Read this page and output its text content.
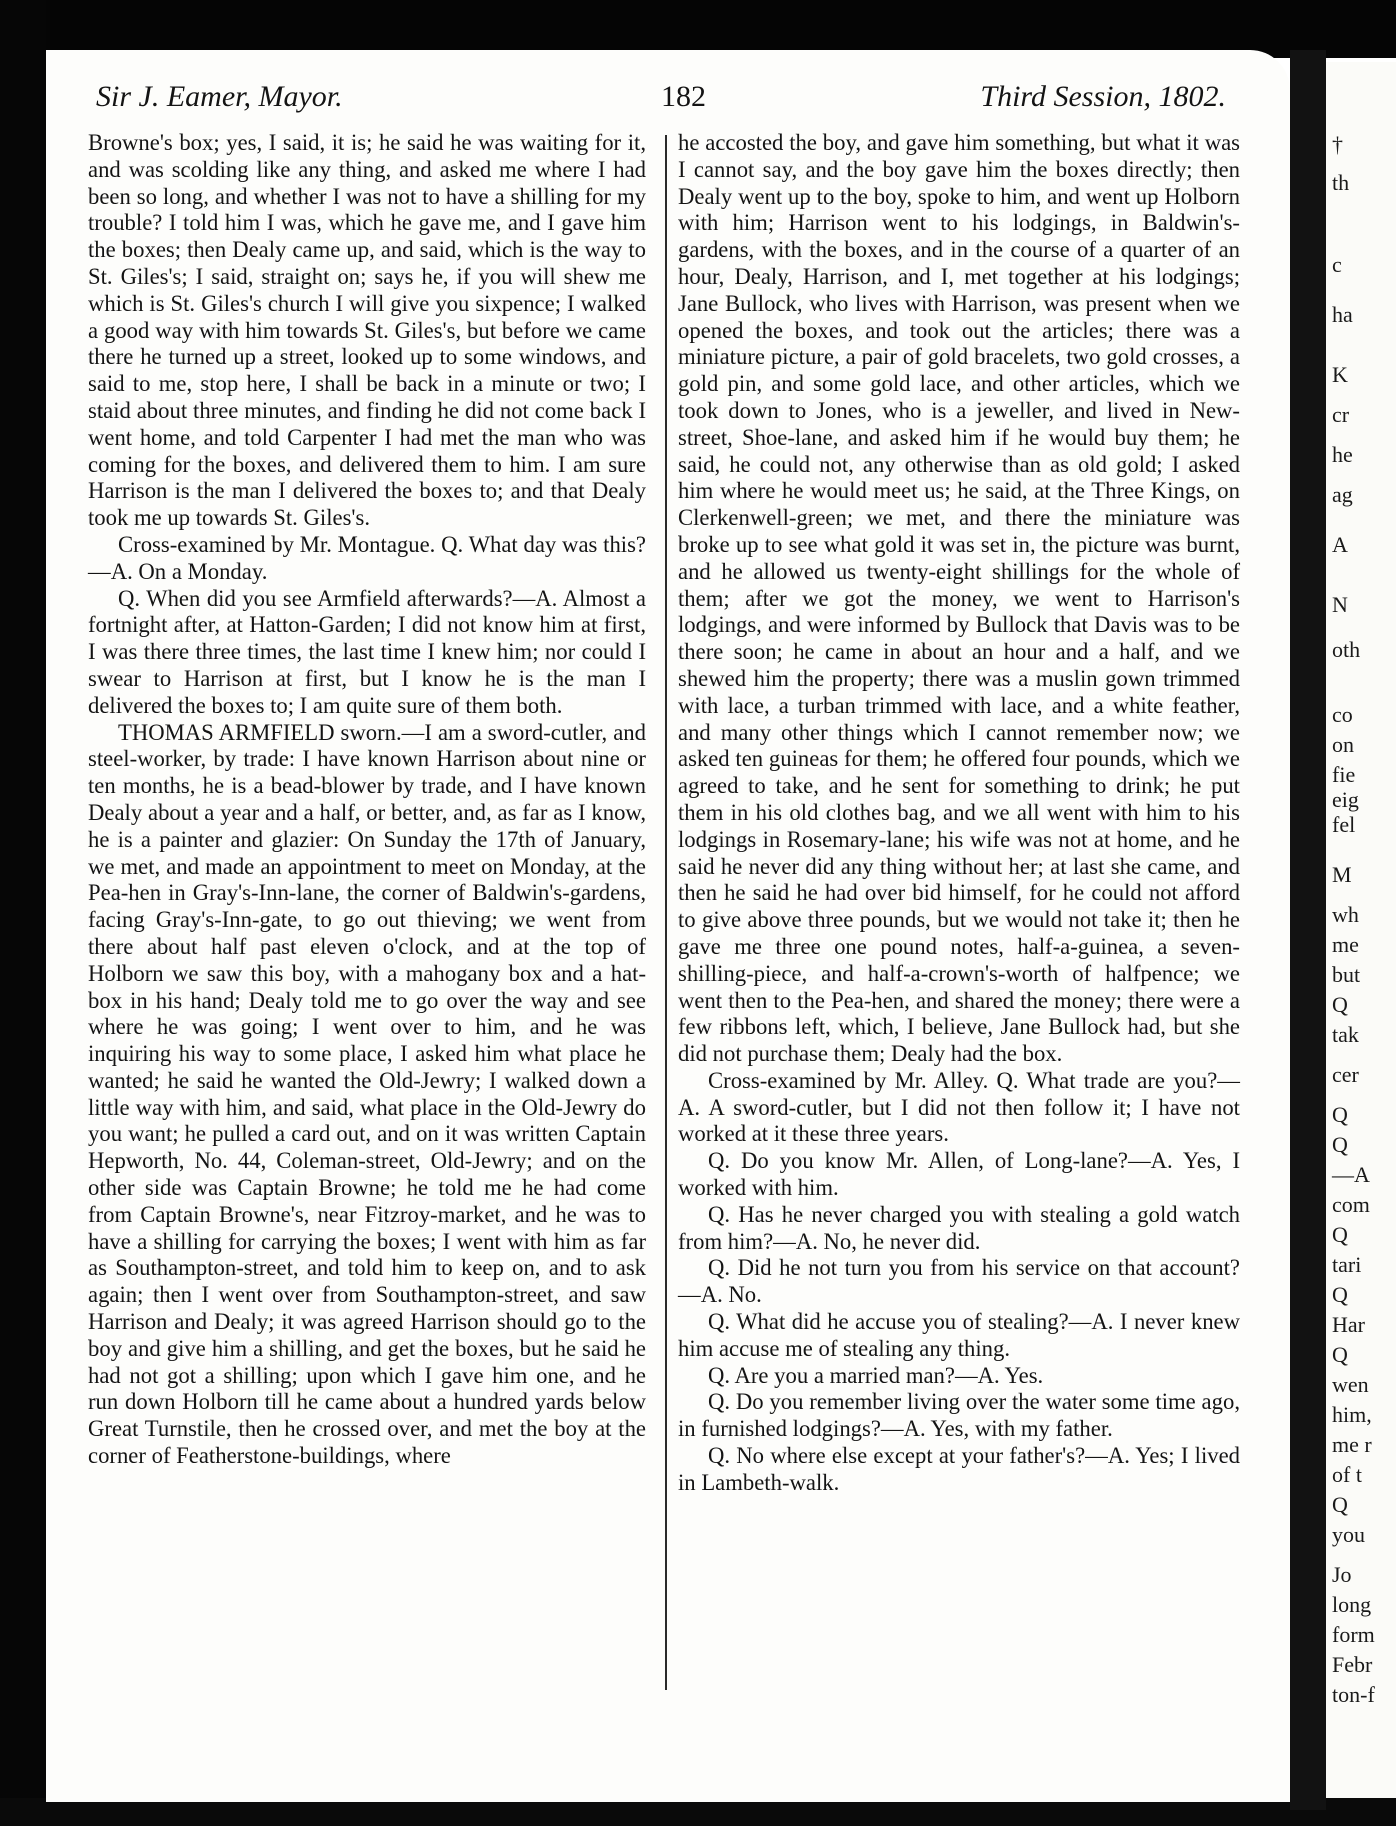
Sir J. Eamer, Mayor.	182	Third Session, 1802.

Browne's box; yes, I said, it is; he said he was waiting for it, and was scolding like any thing, and asked me where I had been so long, and whether I was not to have a shilling for my trouble? I told him I was, which he gave me, and I gave him the boxes; then Dealy came up, and said, which is the way to St. Giles's; I said, straight on; says he, if you will shew me which is St. Giles's church I will give you sixpence; I walked a good way with him towards St. Giles's, but before we came there he turned up a street, looked up to some windows, and said to me, stop here, I shall be back in a minute or two; I staid about three minutes, and finding he did not come back I went home, and told Carpenter I had met the man who was coming for the boxes, and delivered them to him. I am sure Harrison is the man I delivered the boxes to; and that Dealy took me up towards St. Giles's.

Cross-examined by Mr. Montague. Q. What day was this?—A. On a Monday.

Q. When did you see Armfield afterwards?—A. Almost a fortnight after, at Hatton-Garden; I did not know him at first, I was there three times, the last time I knew him; nor could I swear to Harrison at first, but I know he is the man I delivered the boxes to; I am quite sure of them both.

THOMAS ARMFIELD sworn.—I am a sword-cutler, and steel-worker, by trade: I have known Harrison about nine or ten months, he is a bead-blower by trade, and I have known Dealy about a year and a half, or better, and, as far as I know, he is a painter and glazier: On Sunday the 17th of January, we met, and made an appointment to meet on Monday, at the Pea-hen in Gray's-Inn-lane, the corner of Baldwin's-gardens, facing Gray's-Inn-gate, to go out thieving; we went from there about half past eleven o'clock, and at the top of Holborn we saw this boy, with a mahogany box and a hat-box in his hand; Dealy told me to go over the way and see where he was going; I went over to him, and he was inquiring his way to some place, I asked him what place he wanted; he said he wanted the Old-Jewry; I walked down a little way with him, and said, what place in the Old-Jewry do you want; he pulled a card out, and on it was written Captain Hepworth, No. 44, Coleman-street, Old-Jewry; and on the other side was Captain Browne; he told me he had come from Captain Browne's, near Fitzroy-market, and he was to have a shilling for carrying the boxes; I went with him as far as Southampton-street, and told him to keep on, and to ask again; then I went over from Southampton-street, and saw Harrison and Dealy; it was agreed Harrison should go to the boy and give him a shilling, and get the boxes, but he said he had not got a shilling; upon which I gave him one, and he run down Holborn till he came about a hundred yards below Great Turnstile, then he crossed over, and met the boy at the corner of Featherstone-buildings, where

he accosted the boy, and gave him something, but what it was I cannot say, and the boy gave him the boxes directly; then Dealy went up to the boy, spoke to him, and went up Holborn with him; Harrison went to his lodgings, in Baldwin's-gardens, with the boxes, and in the course of a quarter of an hour, Dealy, Harrison, and I, met together at his lodgings; Jane Bullock, who lives with Harrison, was present when we opened the boxes, and took out the articles; there was a miniature picture, a pair of gold bracelets, two gold crosses, a gold pin, and some gold lace, and other articles, which we took down to Jones, who is a jeweller, and lived in New-street, Shoe-lane, and asked him if he would buy them; he said, he could not, any otherwise than as old gold; I asked him where he would meet us; he said, at the Three Kings, on Clerkenwell-green; we met, and there the miniature was broke up to see what gold it was set in, the picture was burnt, and he allowed us twenty-eight shillings for the whole of them; after we got the money, we went to Harrison's lodgings, and were informed by Bullock that Davis was to be there soon; he came in about an hour and a half, and we shewed him the property; there was a muslin gown trimmed with lace, a turban trimmed with lace, and a white feather, and many other things which I cannot remember now; we asked ten guineas for them; he offered four pounds, which we agreed to take, and he sent for something to drink; he put them in his old clothes bag, and we all went with him to his lodgings in Rosemary-lane; his wife was not at home, and he said he never did any thing without her; at last she came, and then he said he had over bid himself, for he could not afford to give above three pounds, but we would not take it; then he gave me three one pound notes, half-a-guinea, a seven-shilling-piece, and half-a-crown's-worth of halfpence; we went then to the Pea-hen, and shared the money; there were a few ribbons left, which, I believe, Jane Bullock had, but she did not purchase them; Dealy had the box.

Cross-examined by Mr. Alley. Q. What trade are you?—A. A sword-cutler, but I did not then follow it; I have not worked at it these three years.

Q. Do you know Mr. Allen, of Long-lane?—A. Yes, I worked with him.

Q. Has he never charged you with stealing a gold watch from him?—A. No, he never did.

Q. Did he not turn you from his service on that account?—A. No.

Q. What did he accuse you of stealing?—A. I never knew him accuse me of stealing any thing.

Q. Are you a married man?—A. Yes.

Q. Do you remember living over the water some time ago, in furnished lodgings?—A. Yes, with my father.

Q. No where else except at your father's?—A. Yes; I lived in Lambeth-walk.

†
th
c
ha
K
cr
he
ag
A
N
oth
co
on
fie
eig
fel
M
wh
me
but
Q
tak
cer
Q
Q
—A
com
Q
tari
Q
Har
Q
wen
him,
me r
of t
Q
you
Jo
long
form
Febr
ton-f
